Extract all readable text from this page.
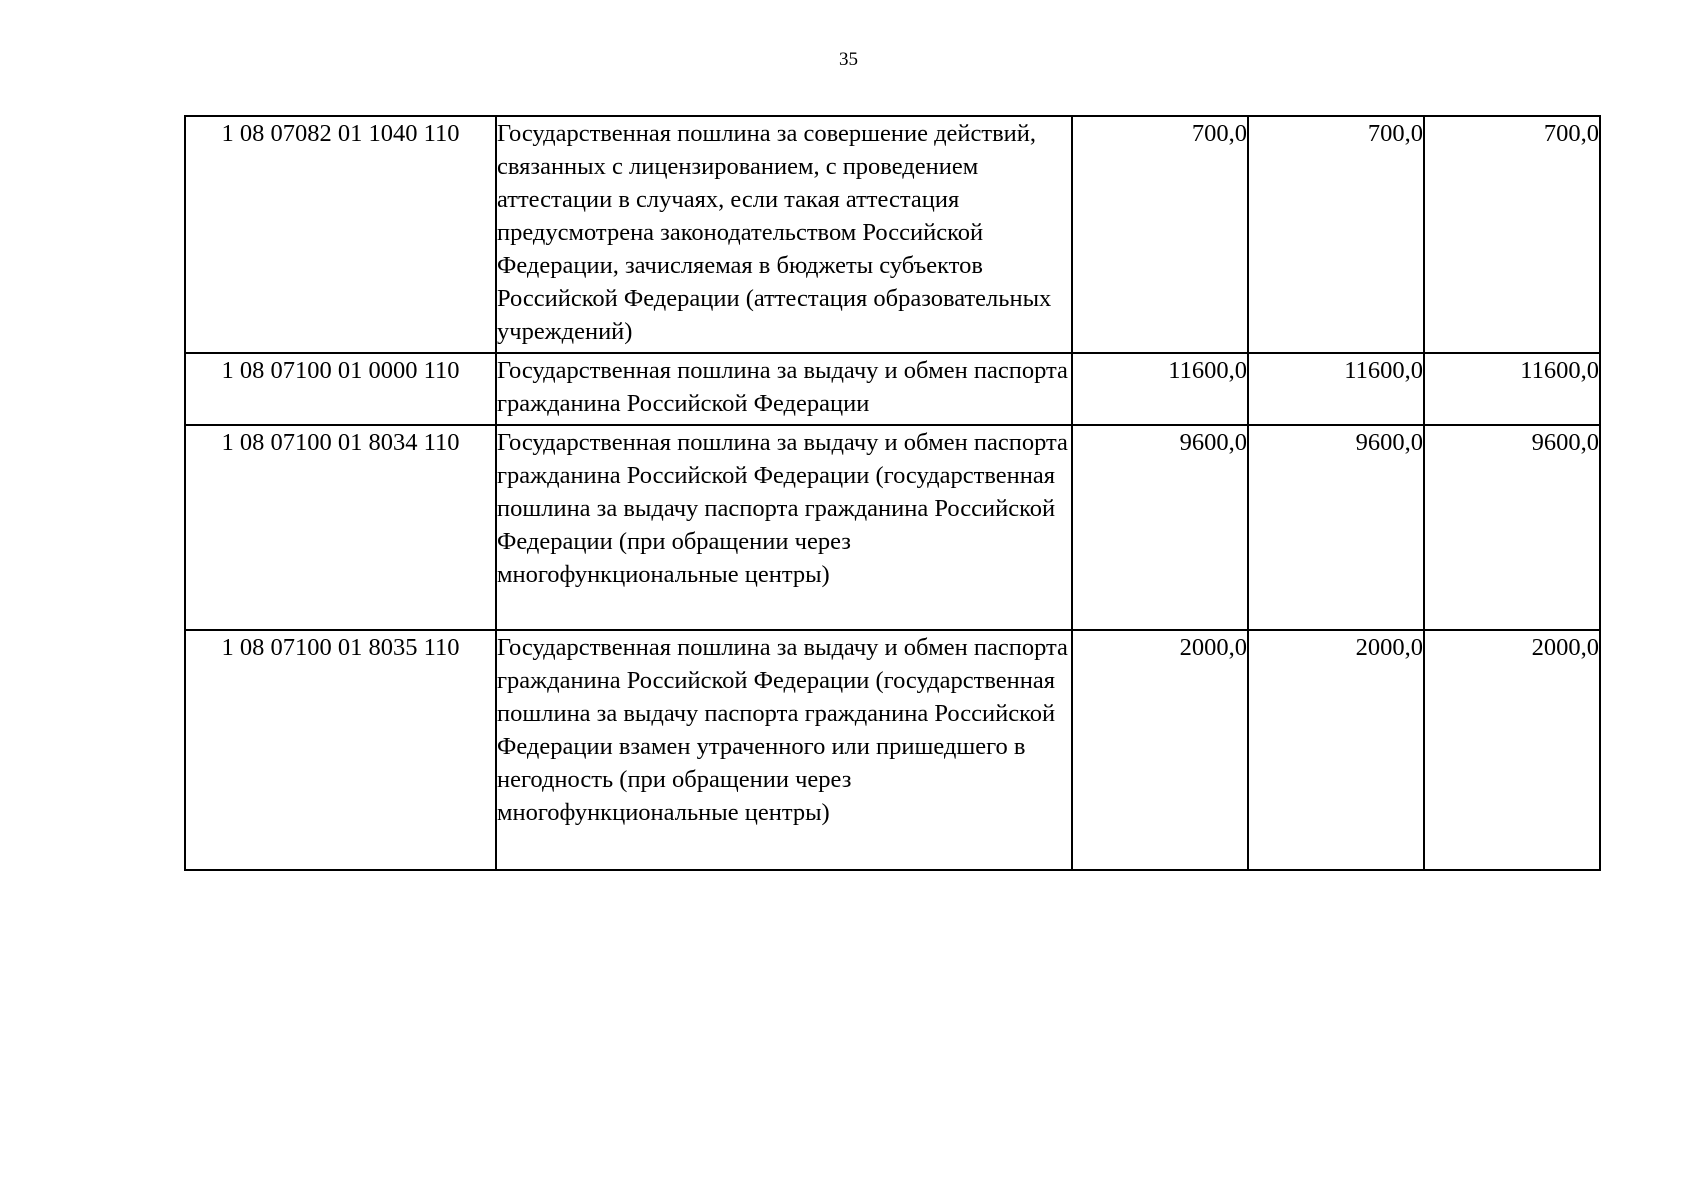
35
1 08 07082 01 1040 110	Государственная пошлина за совершение действий, связанных с лицензированием, с проведением аттестации в случаях, если такая аттестация предусмотрена законодательством Российской Федерации, зачисляемая в бюджеты субъектов Российской Федерации (аттестация образовательных учреждений)	700,0	700,0	700,0
1 08 07100 01 0000 110	Государственная пошлина за выдачу и обмен паспорта гражданина Российской Федерации	11600,0	11600,0	11600,0
1 08 07100 01 8034 110	Государственная пошлина за выдачу и обмен паспорта гражданина Российской Федерации (государственная пошлина за выдачу паспорта гражданина Российской Федерации (при обращении через многофункциональные центры)	9600,0	9600,0	9600,0
1 08 07100 01 8035 110	Государственная пошлина за выдачу и обмен паспорта гражданина Российской Федерации (государственная пошлина за выдачу паспорта гражданина Российской Федерации взамен утраченного или пришедшего в негодность (при обращении через многофункциональные центры)	2000,0	2000,0	2000,0
